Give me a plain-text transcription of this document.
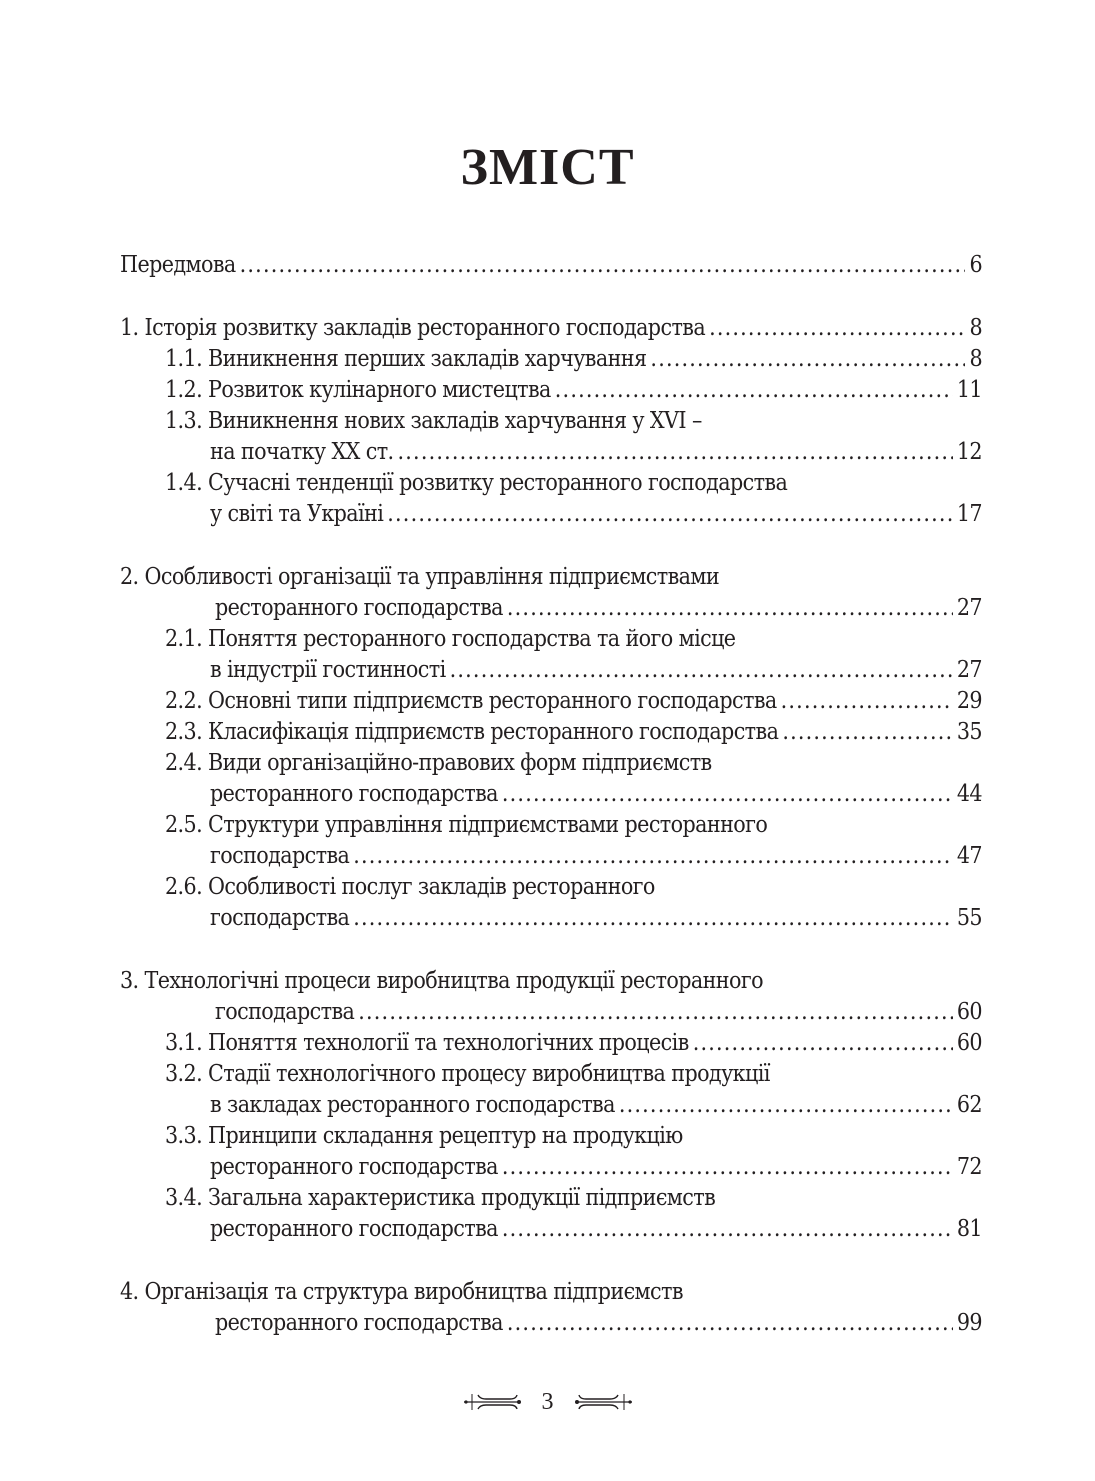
ЗМІСТ
Передмова .....	6
1. Історія розвитку закладів ресторанного господарства .....	8
1.1. Виникнення перших закладів харчування .....	8
1.2. Розвиток кулінарного мистецтва .....	11
1.3. Виникнення нових закладів харчування у XVI –
на початку XX ст. .....	12
1.4. Сучасні тенденції розвитку ресторанного господарства
у світі та Україні .....	17
2. Особливості організації та управління підприємствами
ресторанного господарства .....	27
2.1. Поняття ресторанного господарства та його місце
в індустрії гостинності .....	27
2.2. Основні типи підприємств ресторанного господарства .....	29
2.3. Класифікація підприємств ресторанного господарства .....	35
2.4. Види організаційно-правових форм підприємств
ресторанного господарства .....	44
2.5. Структури управління підприємствами ресторанного
господарства .....	47
2.6. Особливості послуг закладів ресторанного
господарства .....	55
3. Технологічні процеси виробництва продукції ресторанного
господарства .....	60
3.1. Поняття технології та технологічних процесів .....	60
3.2. Стадії технологічного процесу виробництва продукції
в закладах ресторанного господарства .....	62
3.3. Принципи складання рецептур на продукцію
ресторанного господарства .....	72
3.4. Загальна характеристика продукції підприємств
ресторанного господарства .....	81
4. Організація та структура виробництва підприємств
ресторанного господарства .....	99
3
